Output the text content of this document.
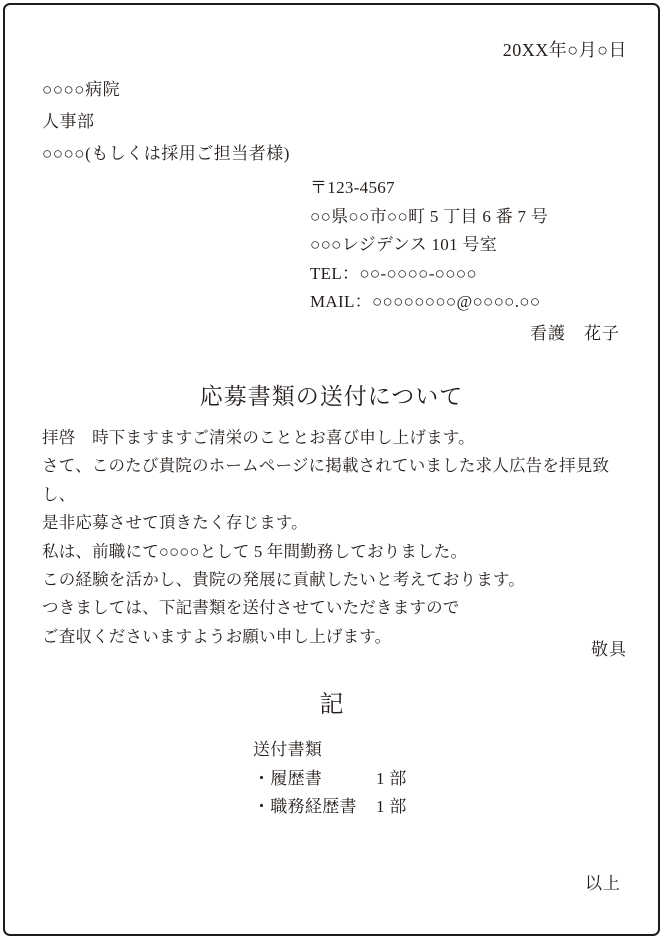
20XX年○月○日

○○○○病院

人事部

○○○○(もしくは採用ご担当者様)

〒123-4567

○○県○○市○○町 5 丁目 6 番 7 号

○○○レジデンス 101 号室

TEL：○○-○○○○-○○○○

MAIL：○○○○○○○○@○○○○.○○

看護　花子
応募書類の送付について

拝啓　時下ますますご清栄のこととお喜び申し上げます。

さて、このたび貴院のホームページに掲載されていました求人広告を拝見致し、

是非応募させて頂きたく存じます。

私は、前職にて○○○○として 5 年間勤務しておりました。

この経験を活かし、貴院の発展に貢献したいと考えております。

つきましては、下記書類を送付させていただきますので

ご査収くださいますようお願い申し上げます。

敬具
記

送付書類

・履歴書	1 部

・職務経歴書 1 部

以上
